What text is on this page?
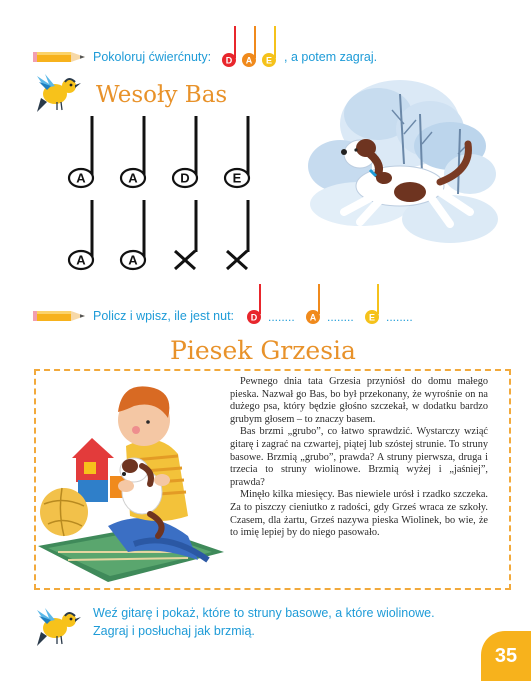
Pokoloruj ćwierćnuty: D A E , a potem zagraj.
Wesoły Bas
A	A	D	E
A	A
Policz i wpisz, ile jest nut: D ........ A ........ E ........
Piesek Grzesia

Pewnego dnia tata Grzesia przyniósł do domu małego pieska. Nazwał go Bas, bo był przekonany, że wyrośnie on na dużego psa, który będzie głośno szczekał, w dodatku bardzo grubym głosem – to znaczy basem.

Bas brzmi „grubo”, co łatwo sprawdzić. Wystarczy wziąć gitarę i zagrać na czwartej, piątej lub szóstej strunie. To struny basowe. Brzmią „grubo”, prawda? A struny pierwsza, druga i trzecia to struny wiolinowe. Brzmią wyżej i „jaśniej”, prawda?

Minęło kilka miesięcy. Bas niewiele urósł i rzadko szczeka. Za to piszczy cieniutko z radości, gdy Grześ wraca ze szkoły. Czasem, dla żartu, Grześ nazywa pieska Wiolinek, bo wie, że to imię lepiej by do niego pasowało.

Weź gitarę i pokaż, które to struny basowe, a które wiolinowe.
Zagraj i posłuchaj jak brzmią.
35
